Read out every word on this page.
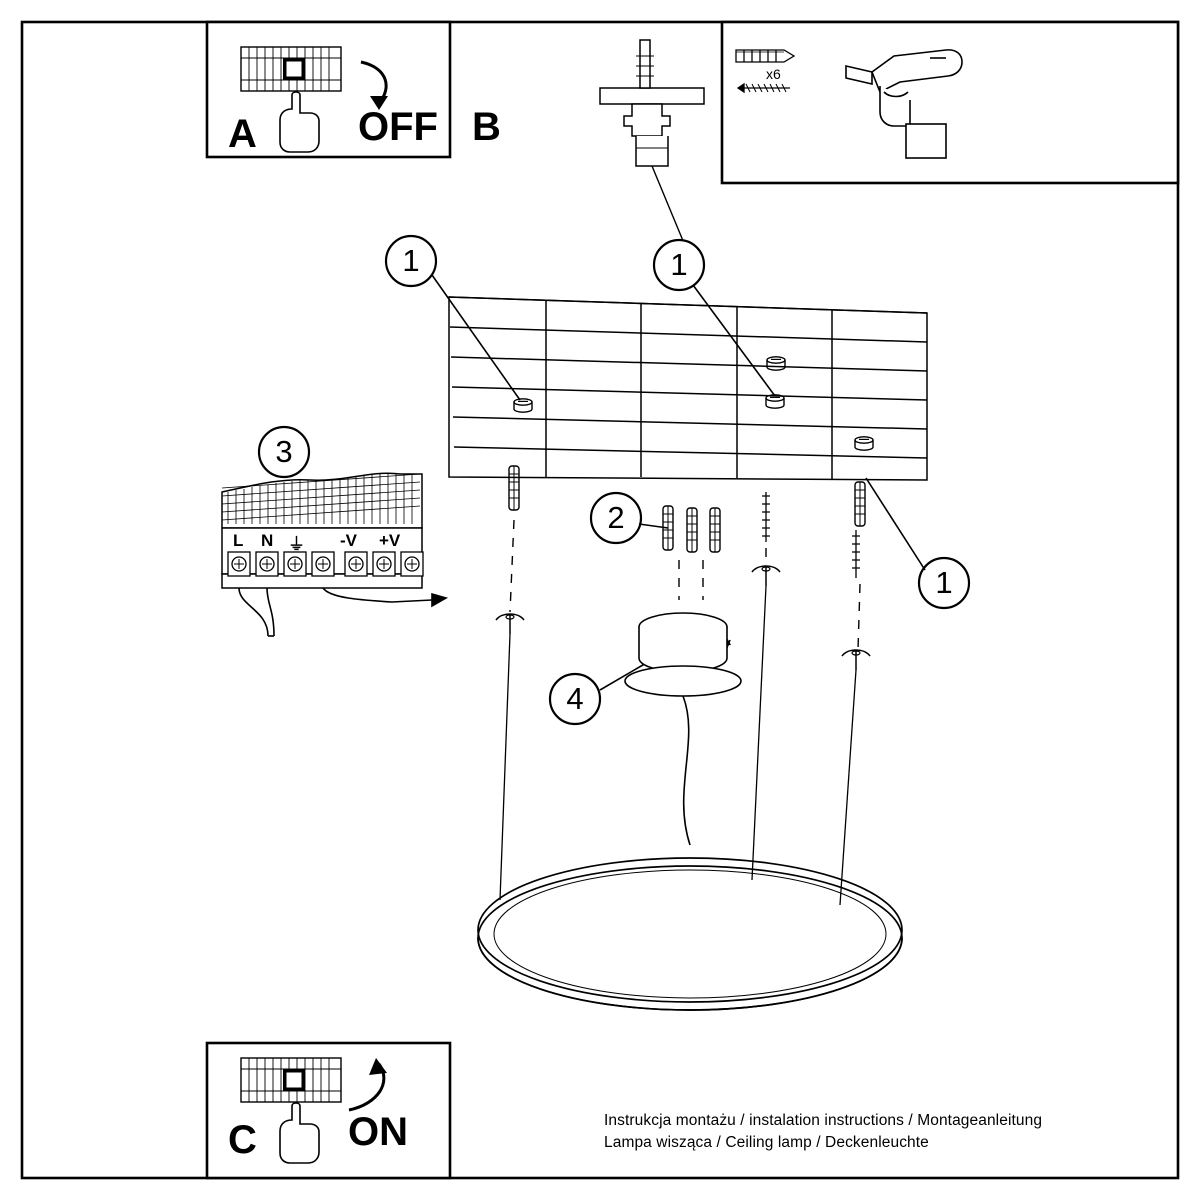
A	OFF B
C ON
x6
1	1
1
2
3
4
L N ⏚ -V +V
Instrukcja montażu / instalation instructions / Montageanleitung
Lampa wisząca / Ceiling lamp / Deckenleuchte
